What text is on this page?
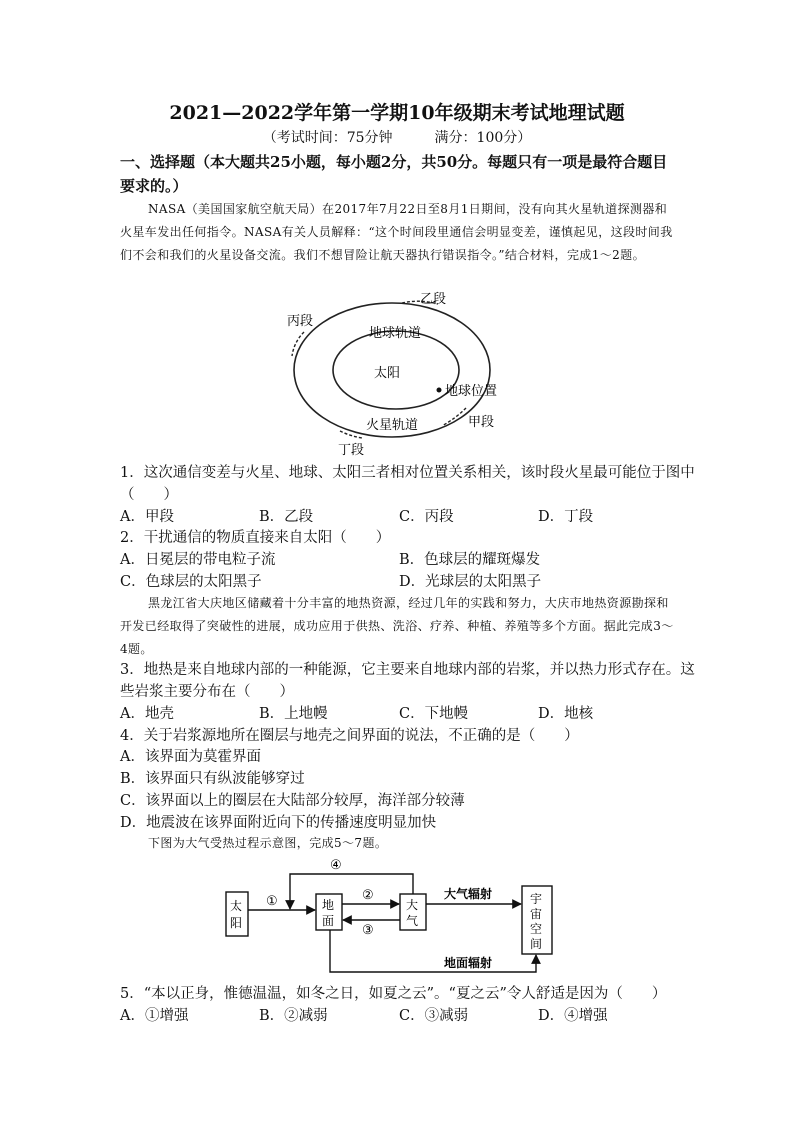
2021—2022学年第一学期10年级期末考试地理试题
（考试时间：75分钟　　　满分：100分）
一、选择题（本大题共25小题，每小题2分，共50分。每题只有一项是最符合题目要求的。）
NASA（美国国家航空航天局）在2017年7月22日至8月1日期间，没有向其火星轨道探测器和火星车发出任何指令。NASA有关人员解释：“这个时间段里通信会明显变差，谨慎起见，这段时间我们不会和我们的火星设备交流。我们不想冒险让航天器执行错误指令。”结合材料，完成1～2题。
太阳
地球轨道
火星轨道
地球位置
甲段
乙段
丙段
丁段
1．这次通信变差与火星、地球、太阳三者相对位置关系相关，该时段火星最可能位于图中
（　　）
A．甲段	B．乙段	C．丙段	D．丁段
2．干扰通信的物质直接来自太阳（　　）
A．日冕层的带电粒子流	B．色球层的耀斑爆发
C．色球层的太阳黑子	D．光球层的太阳黑子
黑龙江省大庆地区储藏着十分丰富的地热资源，经过几年的实践和努力，大庆市地热资源勘探和开发已经取得了突破性的进展，成功应用于供热、洗浴、疗养、种植、养殖等多个方面。据此完成3～4题。
3．地热是来自地球内部的一种能源，它主要来自地球内部的岩浆，并以热力形式存在。这
些岩浆主要分布在（　　）
A．地壳	B．上地幔	C．下地幔	D．地核
4．关于岩浆源地所在圈层与地壳之间界面的说法，不正确的是（　　）
A．该界面为莫霍界面
B．该界面只有纵波能够穿过
C．该界面以上的圈层在大陆部分较厚，海洋部分较薄
D．地震波在该界面附近向下的传播速度明显加快
下图为大气受热过程示意图，完成5～7题。
太
阳
地
面
大
气
宇
宙
空
间
①	②
③
④
大气辐射
地面辐射
5．“本以正身，惟德温温，如冬之日，如夏之云”。“夏之云”令人舒适是因为（　　）
A．①增强	B．②减弱	C．③减弱	D．④增强
